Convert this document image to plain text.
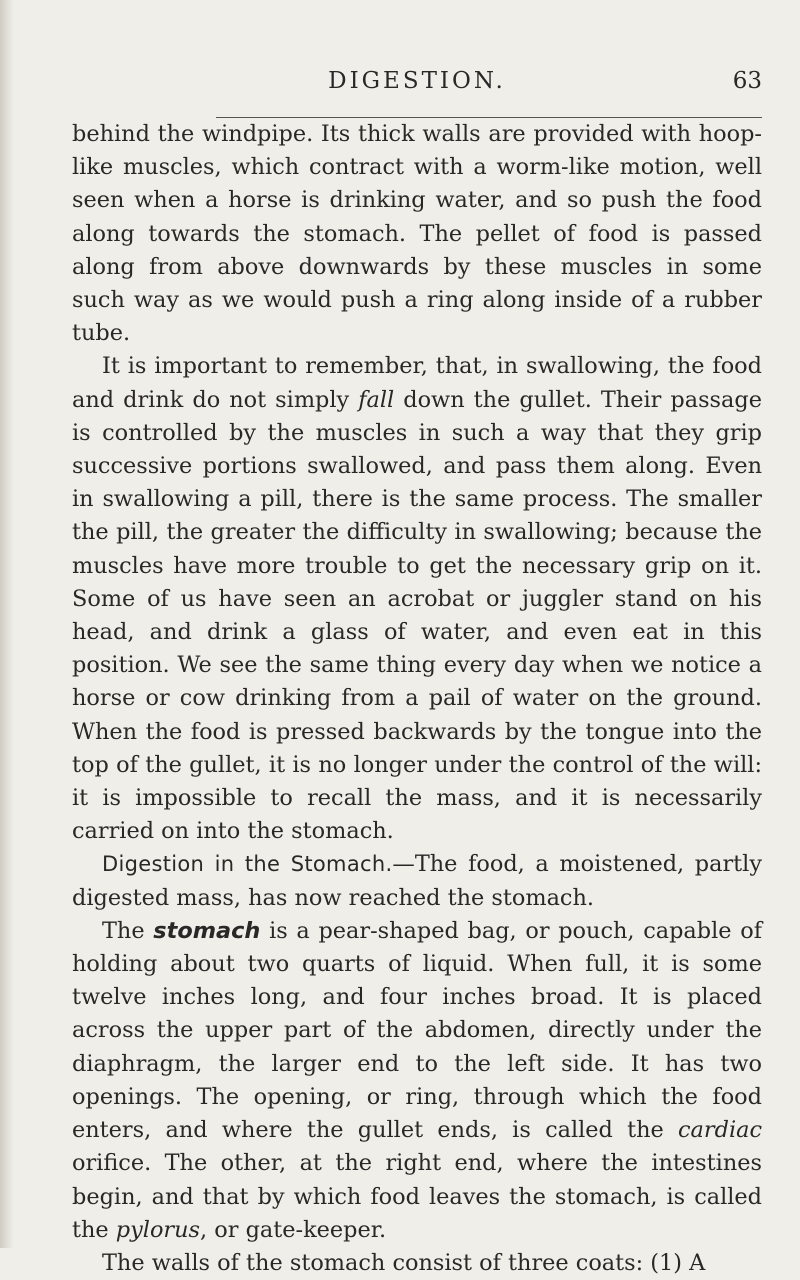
DIGESTION.	63

behind the windpipe. Its thick walls are provided with hoop-like muscles, which contract with a worm-like motion, well seen when a horse is drinking water, and so push the food along towards the stomach. The pellet of food is passed along from above downwards by these muscles in some such way as we would push a ring along inside of a rubber tube.

It is important to remember, that, in swallowing, the food and drink do not simply fall down the gullet. Their passage is controlled by the muscles in such a way that they grip successive portions swallowed, and pass them along. Even in swallowing a pill, there is the same process. The smaller the pill, the greater the difficulty in swallowing; because the muscles have more trouble to get the necessary grip on it. Some of us have seen an acrobat or juggler stand on his head, and drink a glass of water, and even eat in this position. We see the same thing every day when we notice a horse or cow drinking from a pail of water on the ground. When the food is pressed backwards by the tongue into the top of the gullet, it is no longer under the control of the will: it is impossible to recall the mass, and it is necessarily carried on into the stomach.

Digestion in the Stomach.—The food, a moistened, partly digested mass, has now reached the stomach.

The stomach is a pear-shaped bag, or pouch, capable of holding about two quarts of liquid. When full, it is some twelve inches long, and four inches broad. It is placed across the upper part of the abdomen, directly under the diaphragm, the larger end to the left side. It has two openings. The opening, or ring, through which the food enters, and where the gullet ends, is called the cardiac orifice. The other, at the right end, where the intestines begin, and that by which food leaves the stomach, is called the pylorus, or gate-keeper.

The walls of the stomach consist of three coats: (1) A
